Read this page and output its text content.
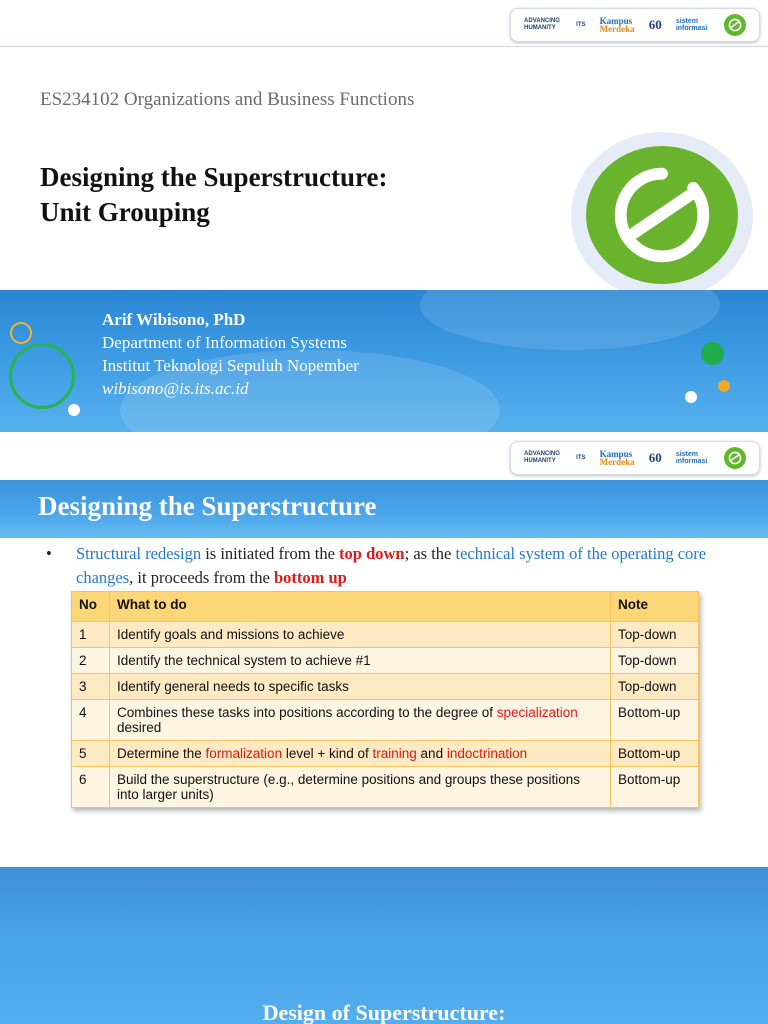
ADVANCING HUMANITY
ITS Kampus
Merdeka 60 sistem informasi
ES234102 Organizations and Business Functions
Designing the Superstructure:
Unit Grouping
Arif Wibisono, PhD
Department of Information Systems
Institut Teknologi Sepuluh Nopember
wibisono@is.its.ac.id
ADVANCING HUMANITY
ITS Kampus
Merdeka 60 sistem informasi
Designing the Superstructure
• Structural redesign is initiated from the top down; as the technical system of the operating core changes, it proceeds from the bottom up
No	What to do	Note
1	Identify goals and missions to achieve	Top-down
2	Identify the technical system to achieve #1	Top-down
3	Identify general needs to specific tasks	Top-down
4	Combines these tasks into positions according to the degree of specialization desired	Bottom-up
5	Determine the formalization level + kind of training and indoctrination	Bottom-up
6	Build the superstructure (e.g., determine positions and groups these positions into larger units)	Bottom-up
Design of Superstructure:
